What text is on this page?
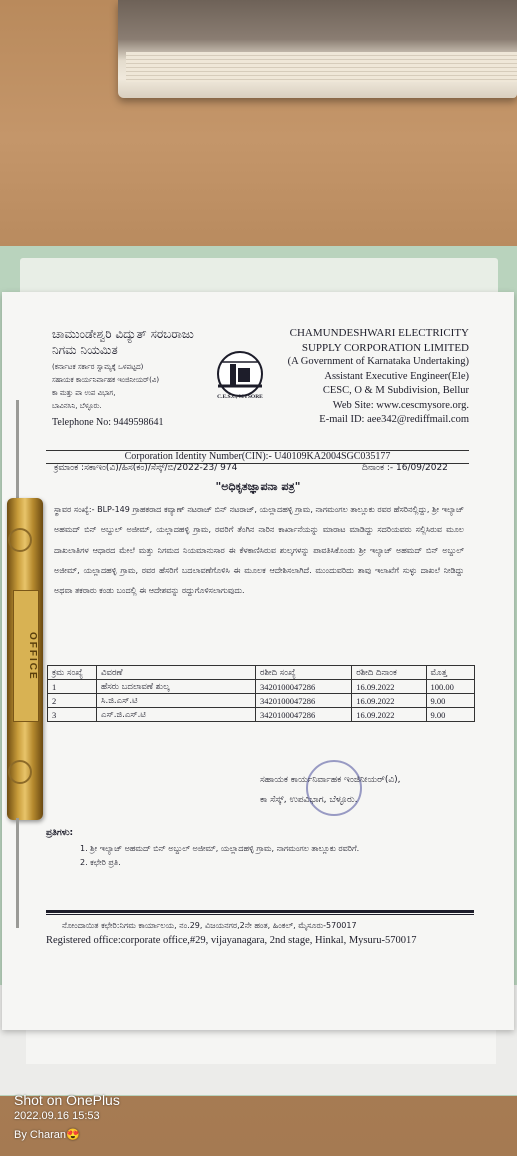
ಚಾಮುಂಡೇಶ್ವರಿ ವಿದ್ಯುತ್ ಸರಬರಾಜು
ನಿಗಮ ನಿಯಮಿತ
(ಕರ್ನಾಟಕ ಸರ್ಕಾರ ಸ್ವಾಮ್ಯಕ್ಕೆ ಒಳಪಟ್ಟದ)
ಸಹಾಯಕ ಕಾರ್ಯನಿರ್ವಾಹಕ ಇಂಜಿನೀಯರ್(ವಿ)
ಕಾ ಮತ್ತು ಪಾ ಉಪ ವಿಭಾಗ,
ಬಾವಿನಸಿನಿ, ಬೆಳ್ಳೂರು.
Telephone No: 9449598641
C.E.S.C, MYSORE
CHAMUNDESHWARI ELECTRICITY
SUPPLY CORPORATION LIMITED
(A Government of Karnataka Undertaking)
Assistant Executive Engineer(Ele)
CESC, O & M Subdivision, Bellur
Web Site: www.cescmysore.org.
E-mail ID: aee342@rediffmail.com
Corporation Identity Number(CIN):- U40109KA2004SGC035177
ಕ್ರಮಾಂಕ :ಸಕಾಇಂ(ವಿ)/ಹಿಸ(ಕಂ)/ಸೆಸ್ಕ್/ಬಿ/2022-23/ 974	ದಿನಾಂಕ :- 16/09/2022
"ಅಧಿಕೃತಜ್ಞಾಪನಾ ಪತ್ರ"
ಸ್ಥಾವರ ಸಂಖ್ಯೆ:- BLP-149 ಗ್ರಾಹಕರಾದ ಕವ್ಯಾಣ್ ನಟರಾಜ್ ಬಿನ್ ನಟರಾಜ್, ಯಲ್ಲಾದಹಳ್ಳಿ ಗ್ರಾಮ, ನಾಗಮಂಗಲ ತಾಲ್ಲೂಕು ರವರ ಹೆಸರಿನಲ್ಲಿದ್ದು, ಶ್ರೀ ಇಲ್ಯಾಜ್ ಅಹಮದ್ ಬಿನ್ ಅಬ್ದುಲ್ ಅಜೀಮ್, ಯಲ್ಲಾದಹಳ್ಳಿ ಗ್ರಾಮ, ರವರಿಗೆ ತೆಂಗಿನ ನಾರಿನ ಕಾರ್ಖಾನೆಯನ್ನು ಮಾರಾಟ ಮಾಡಿದ್ದು ಸದರಿಯವರು ಸಲ್ಲಿಸಿರುವ ಮೂಲ ದಾಖಲಾತಿಗಳ ಆಧಾರದ ಮೇಲೆ ಮತ್ತು ನಿಗಮದ ನಿಯಮಾನುಸಾರ ಈ ಕೆಳಕಾಣಿಸಿರುವ ಶುಲ್ಕಗಳನ್ನು ಪಾವತಿಸಿಕೊಂಡು ಶ್ರೀ ಇಲ್ಯಾಜ್ ಅಹಮದ್ ಬಿನ್ ಅಬ್ದುಲ್ ಅಜೀಮ್, ಯಲ್ಲಾದಹಳ್ಳಿ ಗ್ರಾಮ, ರವರ ಹೆಸರಿಗೆ ಬದಲಾವಣೆಗೊಳಿಸಿ ಈ ಮೂಲಕ ಆದೇಶಿಸಲಾಗಿದೆ. ಮುಂದುವರಿದು ತಾವು ಇಲಾಖೆಗೆ ಸುಳ್ಳು ದಾಖಲೆ ನೀಡಿದ್ದು ಅಥವಾ ತಕರಾರು ಕಂಡು ಬಂದಲ್ಲಿ ಈ ಆದೇಶವನ್ನು ರದ್ದುಗೊಳಿಸಲಾಗುವುದು.
ಕ್ರಮ ಸಂಖ್ಯೆ	ವಿವರಣೆ	ರಶೀದಿ ಸಂಖ್ಯೆ	ರಶೀದಿ ದಿನಾಂಕ	ಮೊತ್ತ
1	ಹೆಸರು ಬದಲಾವಣೆ ಶುಲ್ಕ	3420100047286	16.09.2022	100.00
2	ಸಿ.ಜಿ.ಎಸ್.ಟಿ	3420100047286	16.09.2022	9.00
3	ಎಸ್.ಜಿ.ಎಸ್.ಟಿ	3420100047286	16.09.2022	9.00
ಸಹಾಯಕ ಕಾರ್ಯನಿರ್ವಾಹಕ ಇಂಜಿನೀಯರ್(ವಿ),
ಕಾ ಸೆಸ್ಕ್, ಉಪವಿಭಾಗ, ಬೆಳ್ಳೂರು.
ಪ್ರತಿಗಳು:
1. ಶ್ರೀ ಇಲ್ಯಾಜ್ ಅಹಮದ್ ಬಿನ್ ಅಬ್ದುಲ್ ಅಜೀಮ್, ಯಲ್ಲಾದಹಳ್ಳಿ ಗ್ರಾಮ, ನಾಗಮಂಗಲ ತಾಲ್ಲೂಕು ರವರಿಗೆ.
2. ಕಛೇರಿ ಪ್ರತಿ.
ನೋಂದಾಯಿತ ಕಛೇರಿ:ನಿಗಮ ಕಾರ್ಯಾಲಯ, ನಂ.29, ವಿಜಯನಗರ,2ನೇ ಹಂತ, ಹಿಂಕಲ್, ಮೈಸೂರು-570017
Registered office:corporate office,#29, vijayanagara, 2nd stage, Hinkal, Mysuru-570017
OFFICE
Shot on OnePlus
2022.09.16 15:53
By Charan😍
